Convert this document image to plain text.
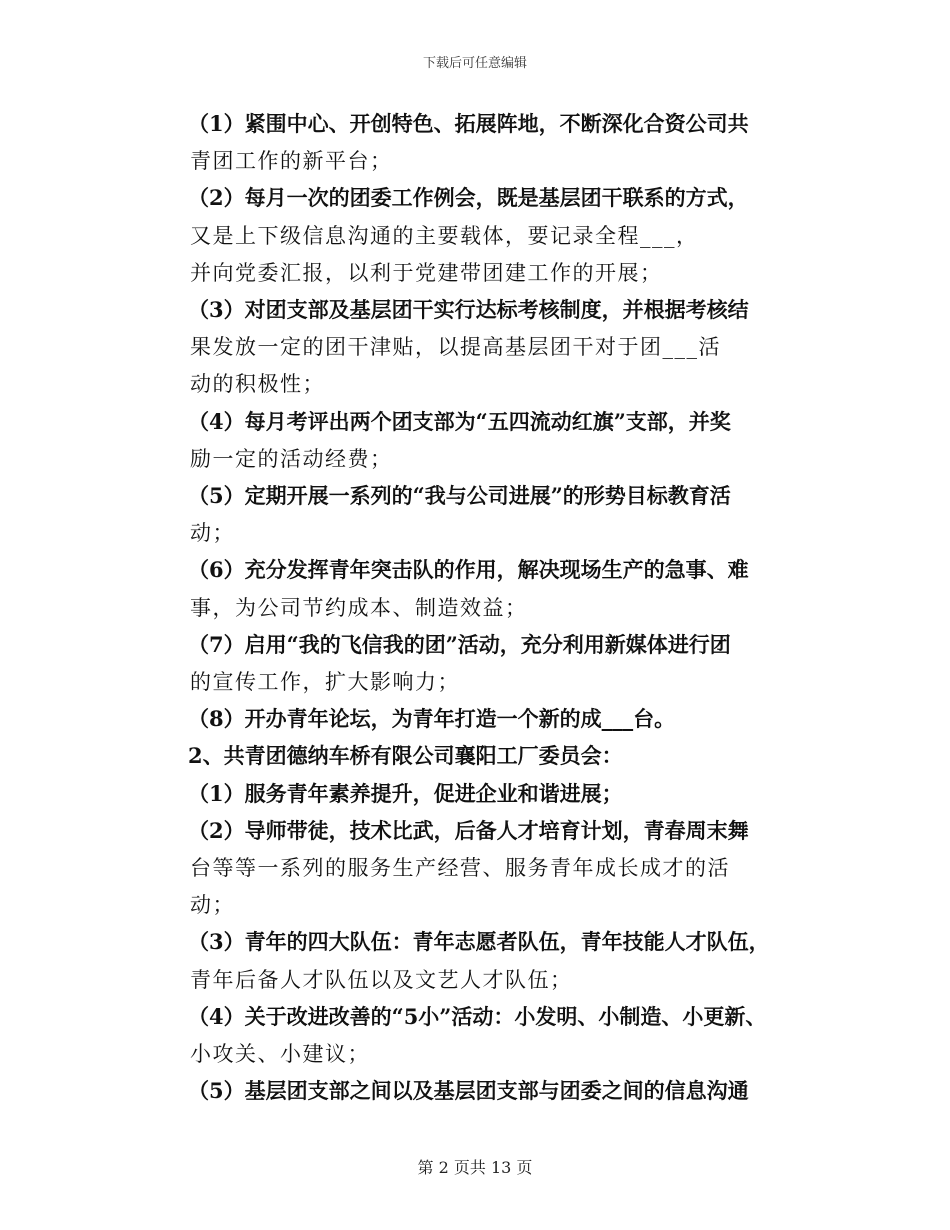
下载后可任意编辑
（1）紧围中心、开创特色、拓展阵地，不断深化合资公司共
青团工作的新平台；
（2）每月一次的团委工作例会，既是基层团干联系的方式，
又是上下级信息沟通的主要载体，要记录全程___，
并向党委汇报，以利于党建带团建工作的开展；
（3）对团支部及基层团干实行达标考核制度，并根据考核结
果发放一定的团干津贴，以提高基层团干对于团___活
动的积极性；
（4）每月考评出两个团支部为“五四流动红旗”支部，并奖
励一定的活动经费；
（5）定期开展一系列的“我与公司进展”的形势目标教育活
动；
（6）充分发挥青年突击队的作用，解决现场生产的急事、难
事，为公司节约成本、制造效益；
（7）启用“我的飞信我的团”活动，充分利用新媒体进行团
的宣传工作，扩大影响力；
（8）开办青年论坛，为青年打造一个新的成___台。
2、共青团德纳车桥有限公司襄阳工厂委员会：
（1）服务青年素养提升，促进企业和谐进展；
（2）导师带徒，技术比武，后备人才培育计划，青春周末舞
台等等一系列的服务生产经营、服务青年成长成才的活
动；
（3）青年的四大队伍：青年志愿者队伍，青年技能人才队伍，
青年后备人才队伍以及文艺人才队伍；
（4）关于改进改善的“5小”活动：小发明、小制造、小更新、
小攻关、小建议；
（5）基层团支部之间以及基层团支部与团委之间的信息沟通
第 2 页共 13 页
